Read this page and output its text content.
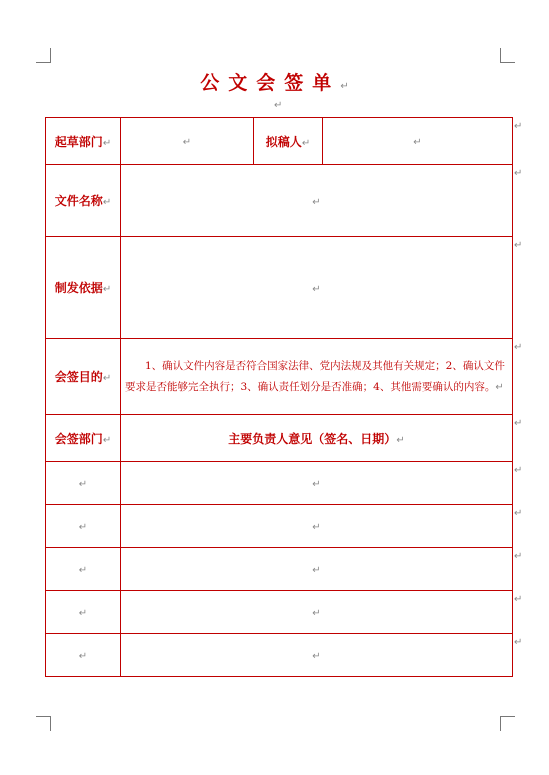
公文会签单↵
↵
起草部门↵	↵	拟稿人↵	↵
文件名称↵	↵		
制发依据↵	↵		
会签目的↵	1、确认文件内容是否符合国家法律、党内法规及其他有关规定；2、确认文件要求是否能够完全执行；3、确认责任划分是否准确；4、其他需要确认的内容。↵		
会签部门↵	主要负责人意见（签名、日期）↵		
↵	↵		
↵	↵		
↵	↵		
↵	↵		
↵	↵		
↵
↵
↵
↵
↵
↵
↵
↵
↵
↵
